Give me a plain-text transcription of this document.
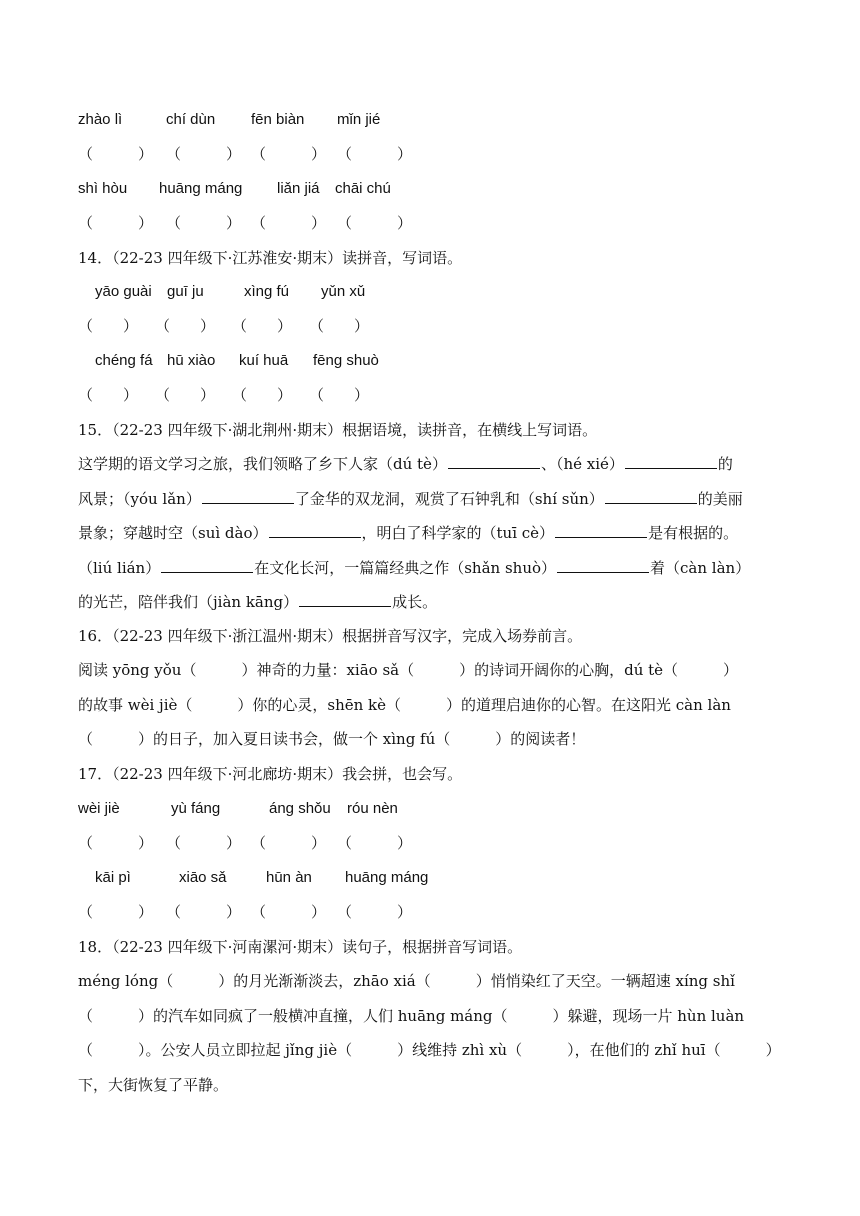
zhào lì	chí dùn fēn biàn mǐn jié
（　　　） （　　　） （　　　） （　　　）
shì hòu huāng máng liǎn jiá chāi chú
（　　　） （　　　） （　　　） （　　　）
14．（22-23 四年级下·江苏淮安·期末）读拼音，写词语。
yāo guài guī ju	xìng fú yǔn xǔ
（　　） （　　） （　　） （　　）
chéng fá hū xiào kuí huā fēng shuò
（　　） （　　） （　　） （　　）
15．（22-23 四年级下·湖北荆州·期末）根据语境，读拼音，在横线上写词语。
这学期的语文学习之旅，我们领略了乡下人家（dú tè）	、（hé xié）	的
风景；（yóu lǎn）	了金华的双龙洞，观赏了石钟乳和（shí sǔn）	的美丽
景象；穿越时空（suì dào）	，明白了科学家的（tuī cè）	是有根据的。
（liú lián）	在文化长河，一篇篇经典之作（shǎn shuò）	着（càn làn）
的光芒，陪伴我们（jiàn kāng）	成长。
16．（22-23 四年级下·浙江温州·期末）根据拼音写汉字，完成入场券前言。
阅读 yōng yǒu（　　　）神奇的力量：xiāo sǎ（　　　）的诗词开阔你的心胸，dú tè（　　　）
的故事 wèi jiè（　　　）你的心灵，shēn kè（　　　）的道理启迪你的心智。在这阳光 càn làn
（　　　）的日子，加入夏日读书会，做一个 xìng fú（　　　）的阅读者！
17．（22-23 四年级下·河北廊坊·期末）我会拼，也会写。
wèi jiè	yù fáng	áng shǒu róu nèn
（　　　） （　　　） （　　　） （　　　）
kāi pì	xiāo sǎ	hūn àn huāng máng
（　　　） （　　　） （　　　） （　　　）
18．（22-23 四年级下·河南漯河·期末）读句子，根据拼音写词语。
méng lóng（　　　）的月光渐渐淡去，zhāo xiá（　　　）悄悄染红了天空。一辆超速 xíng shǐ
（　　　）的汽车如同疯了一般横冲直撞，人们 huāng máng（　　　）躲避，现场一片 hùn luàn
（　　　）。公安人员立即拉起 jǐng jiè（　　　）线维持 zhì xù（　　　），在他们的 zhǐ huī（　　　）
下，大街恢复了平静。
